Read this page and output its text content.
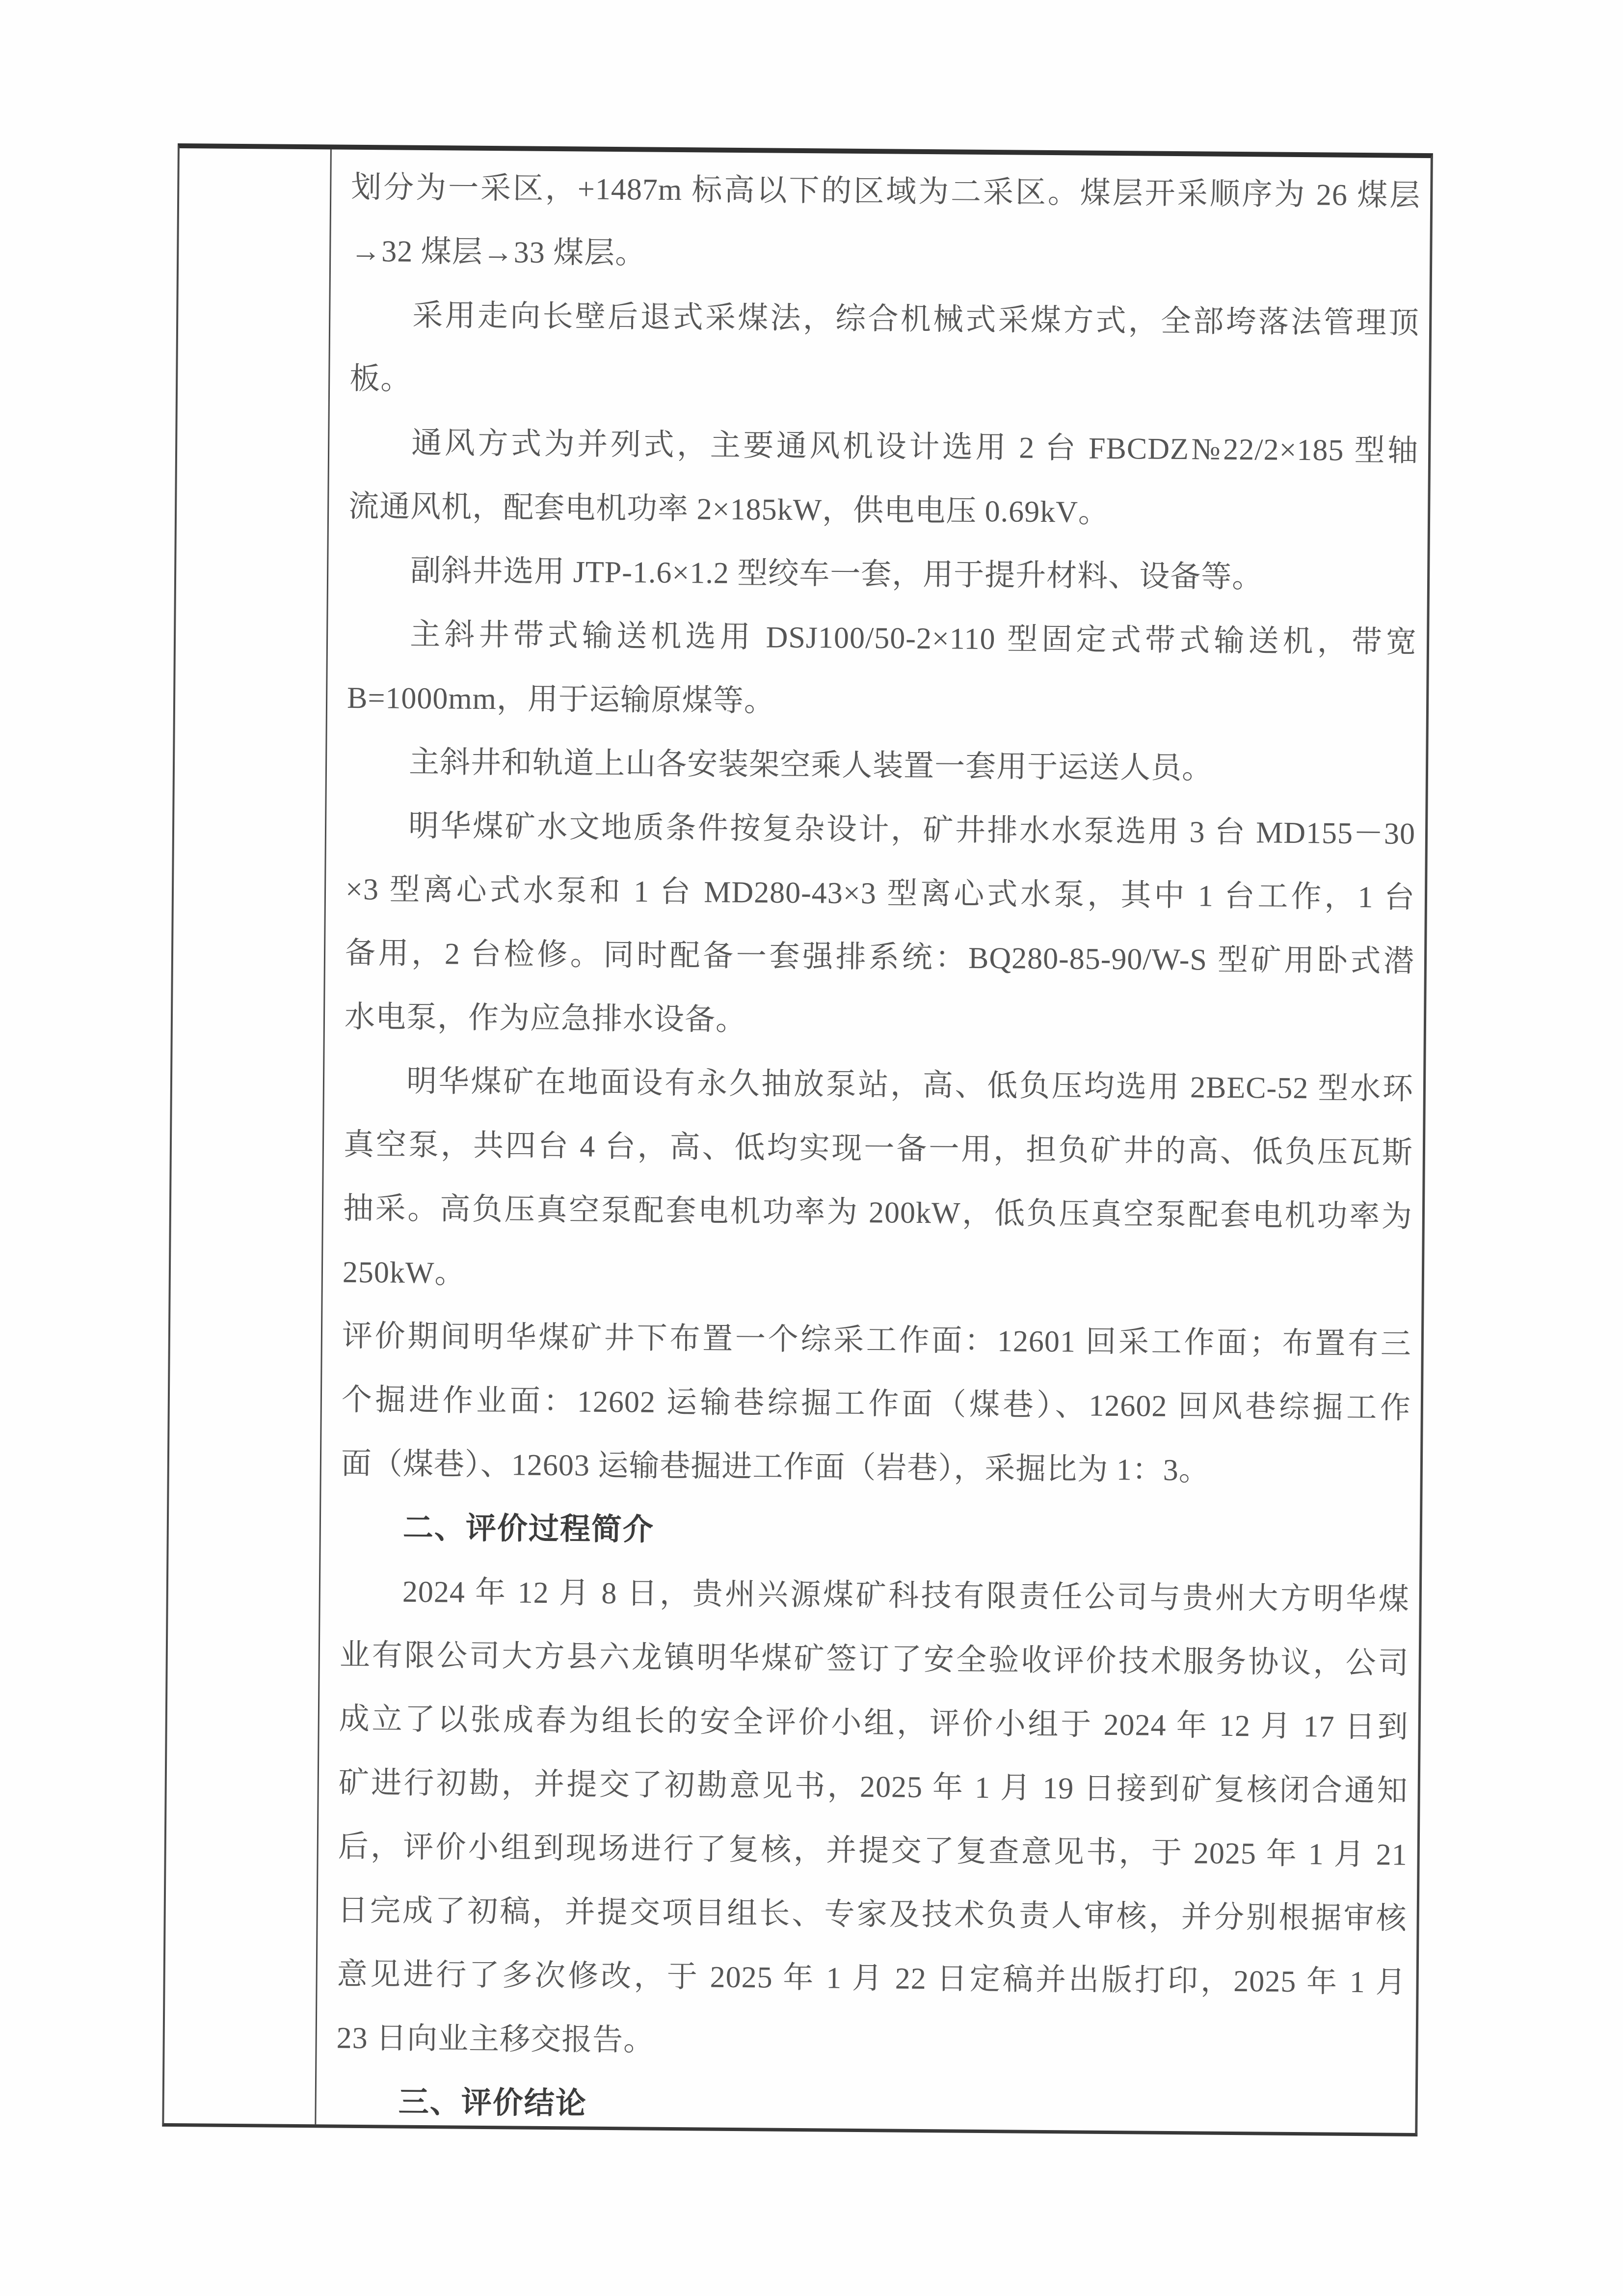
划分为一采区，+1487m 标高以下的区域为二采区。煤层开采顺序为 26 煤层
→32 煤层→33 煤层。
采用走向长壁后退式采煤法，综合机械式采煤方式，全部垮落法管理顶
板。
通风方式为并列式，主要通风机设计选用 2 台 FBCDZ№22/2×185 型轴
流通风机，配套电机功率 2×185kW，供电电压 0.69kV。
副斜井选用 JTP-1.6×1.2 型绞车一套，用于提升材料、设备等。
主斜井带式输送机选用 DSJ100/50-2×110 型固定式带式输送机，带宽
B=1000mm，用于运输原煤等。
主斜井和轨道上山各安装架空乘人装置一套用于运送人员。
明华煤矿水文地质条件按复杂设计，矿井排水水泵选用 3 台 MD155－30
×3 型离心式水泵和 1 台 MD280-43×3 型离心式水泵，其中 1 台工作，1 台
备用，2 台检修。同时配备一套强排系统：BQ280-85-90/W-S 型矿用卧式潜
水电泵，作为应急排水设备。
明华煤矿在地面设有永久抽放泵站，高、低负压均选用 2BEC-52 型水环
真空泵，共四台 4 台，高、低均实现一备一用，担负矿井的高、低负压瓦斯
抽采。高负压真空泵配套电机功率为 200kW，低负压真空泵配套电机功率为
250kW。
评价期间明华煤矿井下布置一个综采工作面：12601 回采工作面；布置有三
个掘进作业面：12602 运输巷综掘工作面（煤巷）、12602 回风巷综掘工作
面（煤巷）、12603 运输巷掘进工作面（岩巷），采掘比为 1：3。
二、评价过程简介
2024 年 12 月 8 日，贵州兴源煤矿科技有限责任公司与贵州大方明华煤
业有限公司大方县六龙镇明华煤矿签订了安全验收评价技术服务协议，公司
成立了以张成春为组长的安全评价小组，评价小组于 2024 年 12 月 17 日到
矿进行初勘，并提交了初勘意见书，2025 年 1 月 19 日接到矿复核闭合通知
后，评价小组到现场进行了复核，并提交了复查意见书，于 2025 年 1 月 21
日完成了初稿，并提交项目组长、专家及技术负责人审核，并分别根据审核
意见进行了多次修改，于 2025 年 1 月 22 日定稿并出版打印，2025 年 1 月
23 日向业主移交报告。
三、评价结论
